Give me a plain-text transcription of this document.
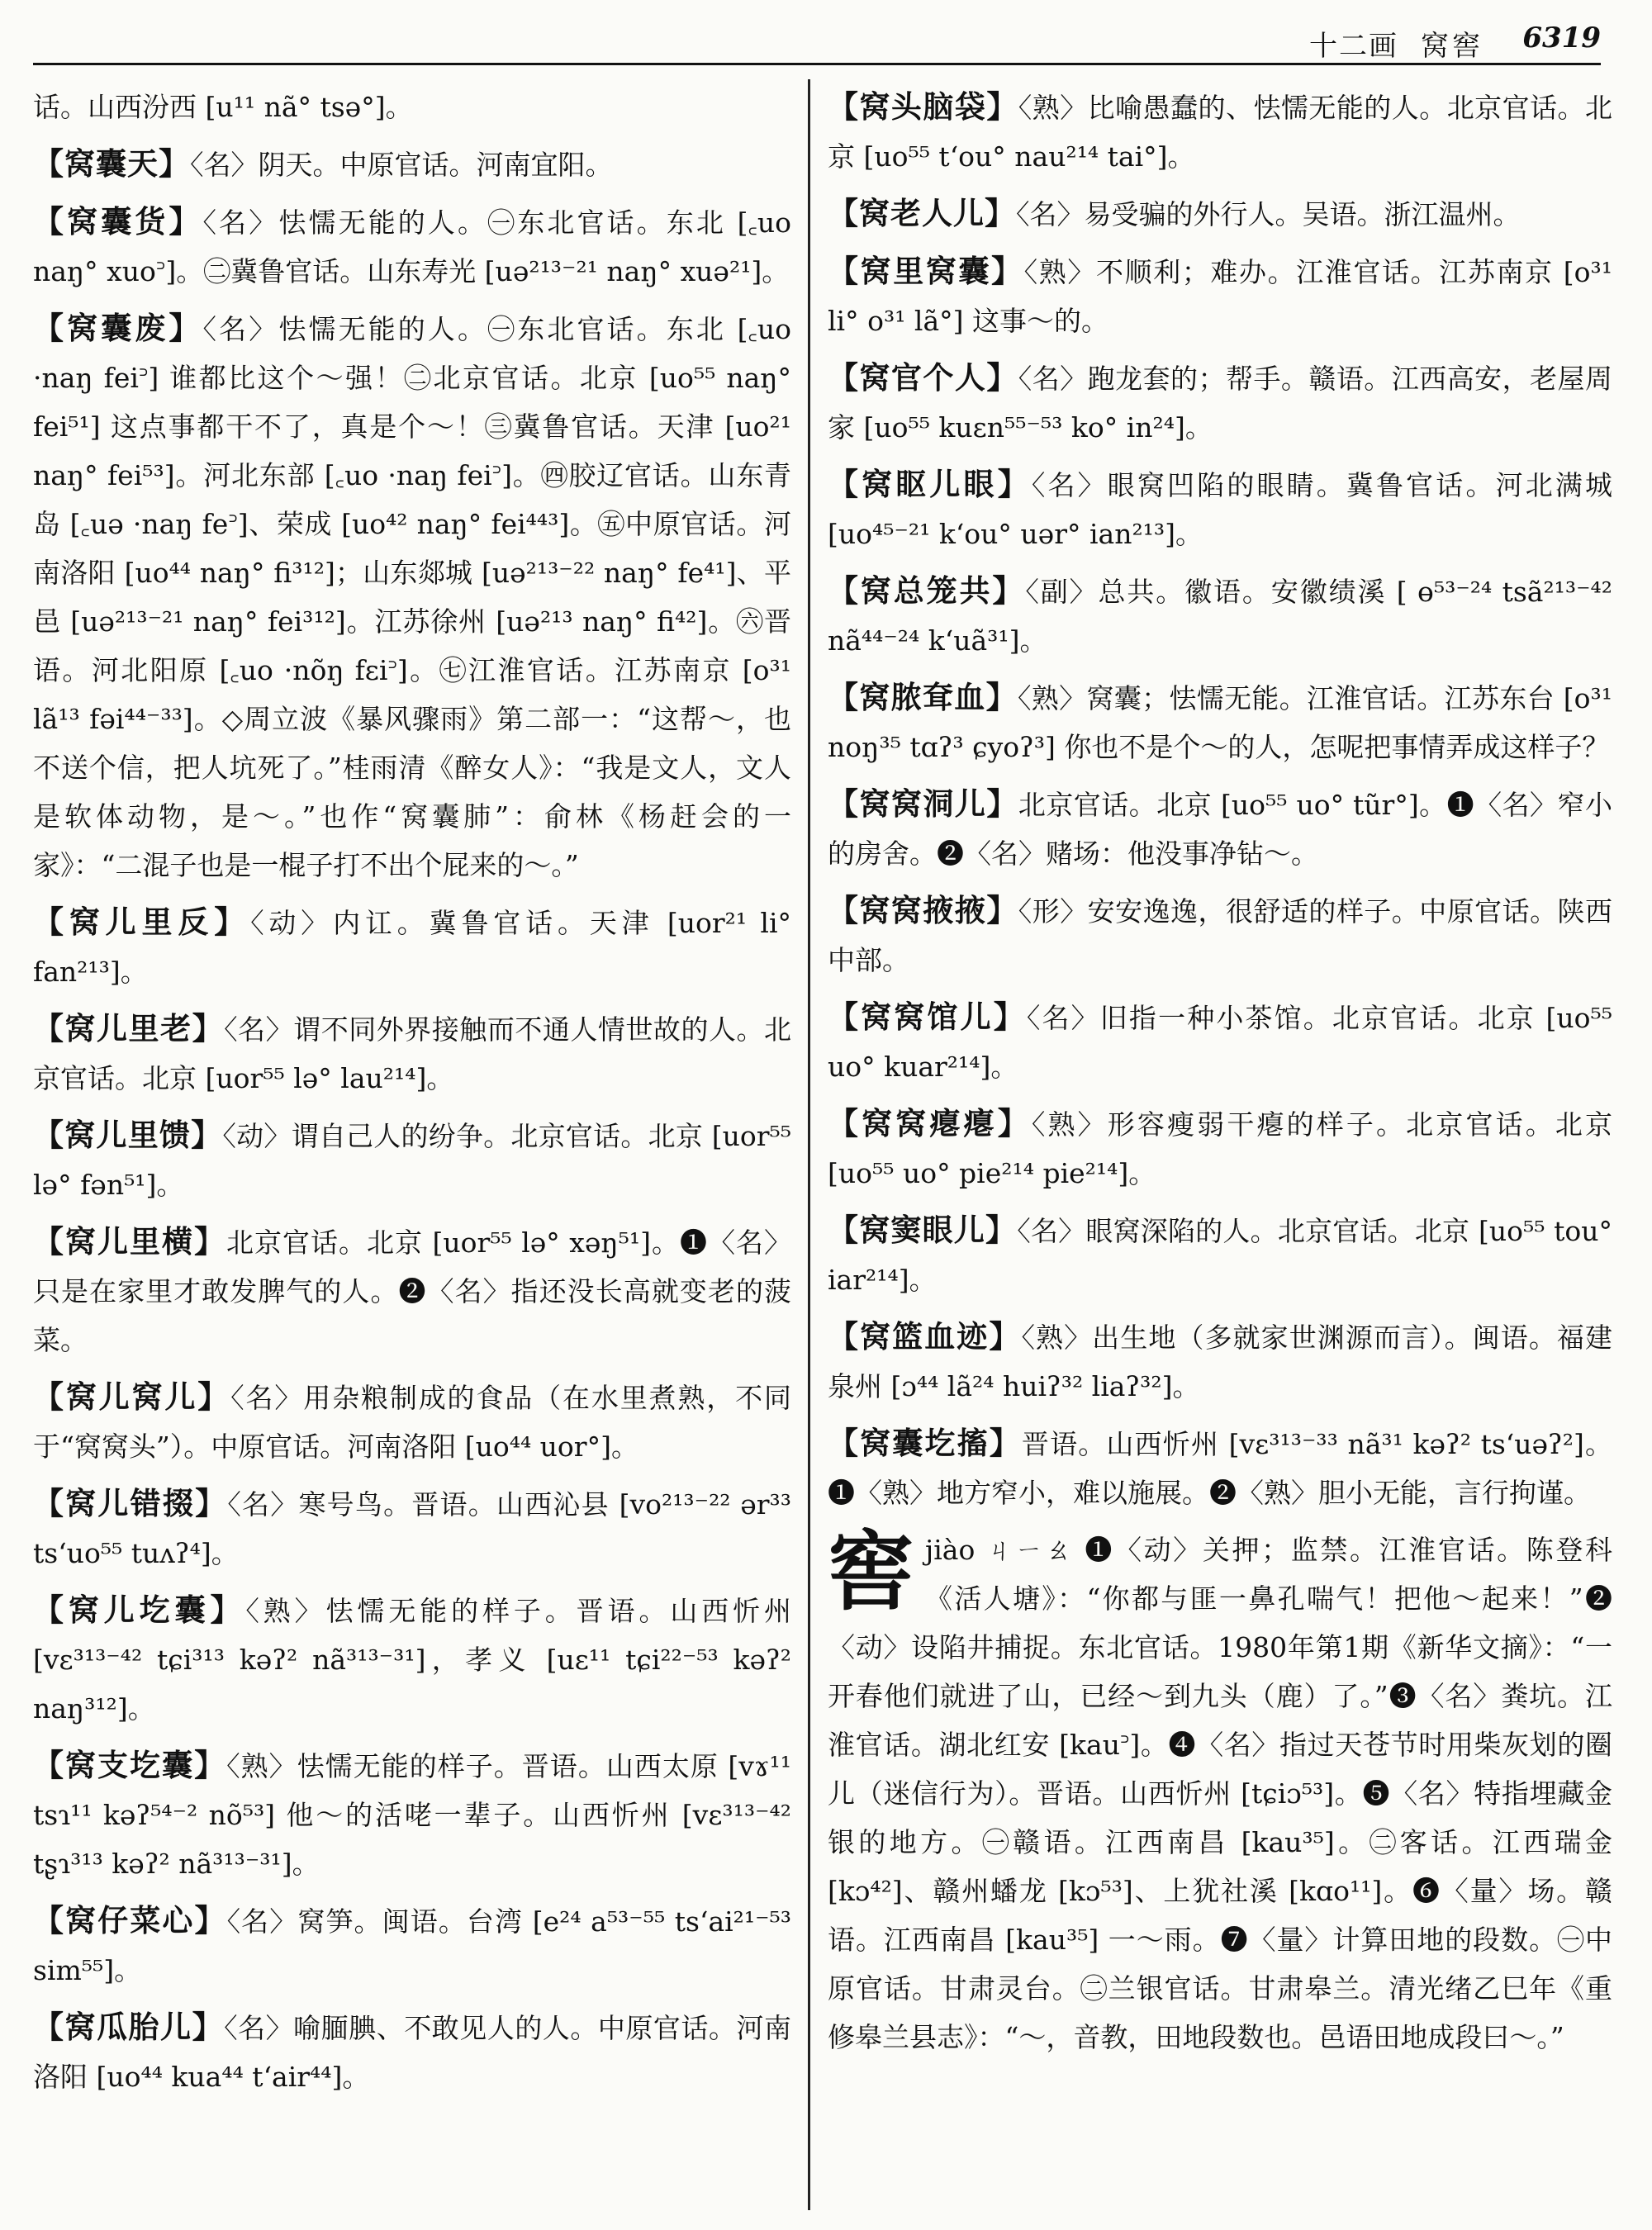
十二画 窝窖 6319
话。山西汾西 [u¹¹ nã° tsə°]。
【窝囊天】〈名〉阴天。中原官话。河南宜阳。
【窝囊货】〈名〉怯懦无能的人。㊀东北官话。东北 [꜀uo naŋ° xuo꜄]。㊁冀鲁官话。山东寿光 [uə²¹³⁻²¹ naŋ° xuə²¹]。
【窝囊废】〈名〉怯懦无能的人。㊀东北官话。东北 [꜀uo ·naŋ fei꜄] 谁都比这个～强！㊁北京官话。北京 [uo⁵⁵ naŋ° fei⁵¹] 这点事都干不了，真是个～！㊂冀鲁官话。天津 [uo²¹ naŋ° fei⁵³]。河北东部 [꜀uo ·naŋ fei꜄]。㊃胶辽官话。山东青岛 [꜀uə ·naŋ fe꜄]、荣成 [uo⁴² naŋ° fei⁴⁴³]。㊄中原官话。河南洛阳 [uo⁴⁴ naŋ° fi³¹²]；山东郯城 [uə²¹³⁻²² naŋ° fe⁴¹]、平邑 [uə²¹³⁻²¹ naŋ° fei³¹²]。江苏徐州 [uə²¹³ naŋ° fi⁴²]。㊅晋语。河北阳原 [꜀uo ·nõŋ fɛi꜄]。㊆江淮官话。江苏南京 [o³¹ lã¹³ fəi⁴⁴⁻³³]。◇周立波《暴风骤雨》第二部一：“这帮～，也不送个信，把人坑死了。”桂雨清《醉女人》：“我是文人，文人是软体动物，是～。”也作“窝囊肺”：俞林《杨赶会的一家》：“二混子也是一棍子打不出个屁来的～。”
【窝儿里反】〈动〉内讧。冀鲁官话。天津 [uor²¹ li° fan²¹³]。
【窝儿里老】〈名〉谓不同外界接触而不通人情世故的人。北京官话。北京 [uor⁵⁵ lə° lau²¹⁴]。
【窝儿里馈】〈动〉谓自己人的纷争。北京官话。北京 [uor⁵⁵ lə° fən⁵¹]。
【窝儿里横】北京官话。北京 [uor⁵⁵ lə° xəŋ⁵¹]。❶〈名〉只是在家里才敢发脾气的人。❷〈名〉指还没长高就变老的菠菜。
【窝儿窝儿】〈名〉用杂粮制成的食品（在水里煮熟，不同于“窝窝头”）。中原官话。河南洛阳 [uo⁴⁴ uor°]。
【窝儿错掇】〈名〉寒号鸟。晋语。山西沁县 [vo²¹³⁻²² ər³³ ts‘uo⁵⁵ tuʌʔ⁴]。
【窝儿圪囊】〈熟〉怯懦无能的样子。晋语。山西忻州 [vɛ³¹³⁻⁴² tɕi³¹³ kəʔ² nã³¹³⁻³¹]，孝义 [uɛ¹¹ tɕi²²⁻⁵³ kəʔ² naŋ³¹²]。
【窝支圪囊】〈熟〉怯懦无能的样子。晋语。山西太原 [vɤ¹¹ tsɿ¹¹ kəʔ⁵⁴⁻² nõ⁵³] 他～的活咾一辈子。山西忻州 [vɛ³¹³⁻⁴² tʂɿ³¹³ kəʔ² nã³¹³⁻³¹]。
【窝仔菜心】〈名〉窝笋。闽语。台湾 [e²⁴ a⁵³⁻⁵⁵ ts‘ai²¹⁻⁵³ sim⁵⁵]。
【窝瓜胎儿】〈名〉喻腼腆、不敢见人的人。中原官话。河南洛阳 [uo⁴⁴ kua⁴⁴ t‘air⁴⁴]。
【窝头脑袋】〈熟〉比喻愚蠢的、怯懦无能的人。北京官话。北京 [uo⁵⁵ t‘ou° nau²¹⁴ tai°]。
【窝老人儿】〈名〉易受骗的外行人。吴语。浙江温州。
【窝里窝囊】〈熟〉不顺利；难办。江淮官话。江苏南京 [o³¹ li° o³¹ lã°] 这事～的。
【窝官个人】〈名〉跑龙套的；帮手。赣语。江西高安，老屋周家 [uo⁵⁵ kuɛn⁵⁵⁻⁵³ ko° in²⁴]。
【窝眍儿眼】〈名〉眼窝凹陷的眼睛。冀鲁官话。河北满城 [uo⁴⁵⁻²¹ k‘ou° uər° ian²¹³]。
【窝总笼共】〈副〉总共。徽语。安徽绩溪 [ ɵ⁵³⁻²⁴ tsã²¹³⁻⁴² nã⁴⁴⁻²⁴ k‘uã³¹]。
【窝脓耷血】〈熟〉窝囊；怯懦无能。江淮官话。江苏东台 [o³¹ noŋ³⁵ tɑʔ³ ɕyoʔ³] 你也不是个～的人，怎呢把事情弄成这样子？
【窝窝洞儿】北京官话。北京 [uo⁵⁵ uo° tũr°]。❶〈名〉窄小的房舍。❷〈名〉赌场：他没事净钻～。
【窝窝掖掖】〈形〉安安逸逸，很舒适的样子。中原官话。陕西中部。
【窝窝馆儿】〈名〉旧指一种小茶馆。北京官话。北京 [uo⁵⁵ uo° kuar²¹⁴]。
【窝窝瘪瘪】〈熟〉形容瘦弱干瘪的样子。北京官话。北京 [uo⁵⁵ uo° pie²¹⁴ pie²¹⁴]。
【窝窦眼儿】〈名〉眼窝深陷的人。北京官话。北京 [uo⁵⁵ tou° iar²¹⁴]。
【窝篮血迹】〈熟〉出生地（多就家世渊源而言）。闽语。福建泉州 [ɔ⁴⁴ lã²⁴ huiʔ³² liaʔ³²]。
【窝囊圪搐】晋语。山西忻州 [vɛ³¹³⁻³³ nã³¹ kəʔ² ts‘uəʔ²]。❶〈熟〉地方窄小，难以施展。❷〈熟〉胆小无能，言行拘谨。
窖 jiào ㄐㄧㄠ ❶〈动〉关押；监禁。江淮官话。陈登科《活人塘》：“你都与匪一鼻孔喘气！把他～起来！”❷〈动〉设陷井捕捉。东北官话。1980年第1期《新华文摘》：“一开春他们就进了山，已经～到九头（鹿）了。”❸〈名〉粪坑。江淮官话。湖北红安 [kau꜄]。❹〈名〉指过天苍节时用柴灰划的圈儿（迷信行为）。晋语。山西忻州 [tɕiɔ⁵³]。❺〈名〉特指埋藏金银的地方。㊀赣语。江西南昌 [kau³⁵]。㊁客话。江西瑞金 [kɔ⁴²]、赣州蟠龙 [kɔ⁵³]、上犹社溪 [kɑo¹¹]。❻〈量〉场。赣语。江西南昌 [kau³⁵] 一～雨。❼〈量〉计算田地的段数。㊀中原官话。甘肃灵台。㊁兰银官话。甘肃皋兰。清光绪乙巳年《重修皋兰县志》：“～，音教，田地段数也。邑语田地成段曰～。”
